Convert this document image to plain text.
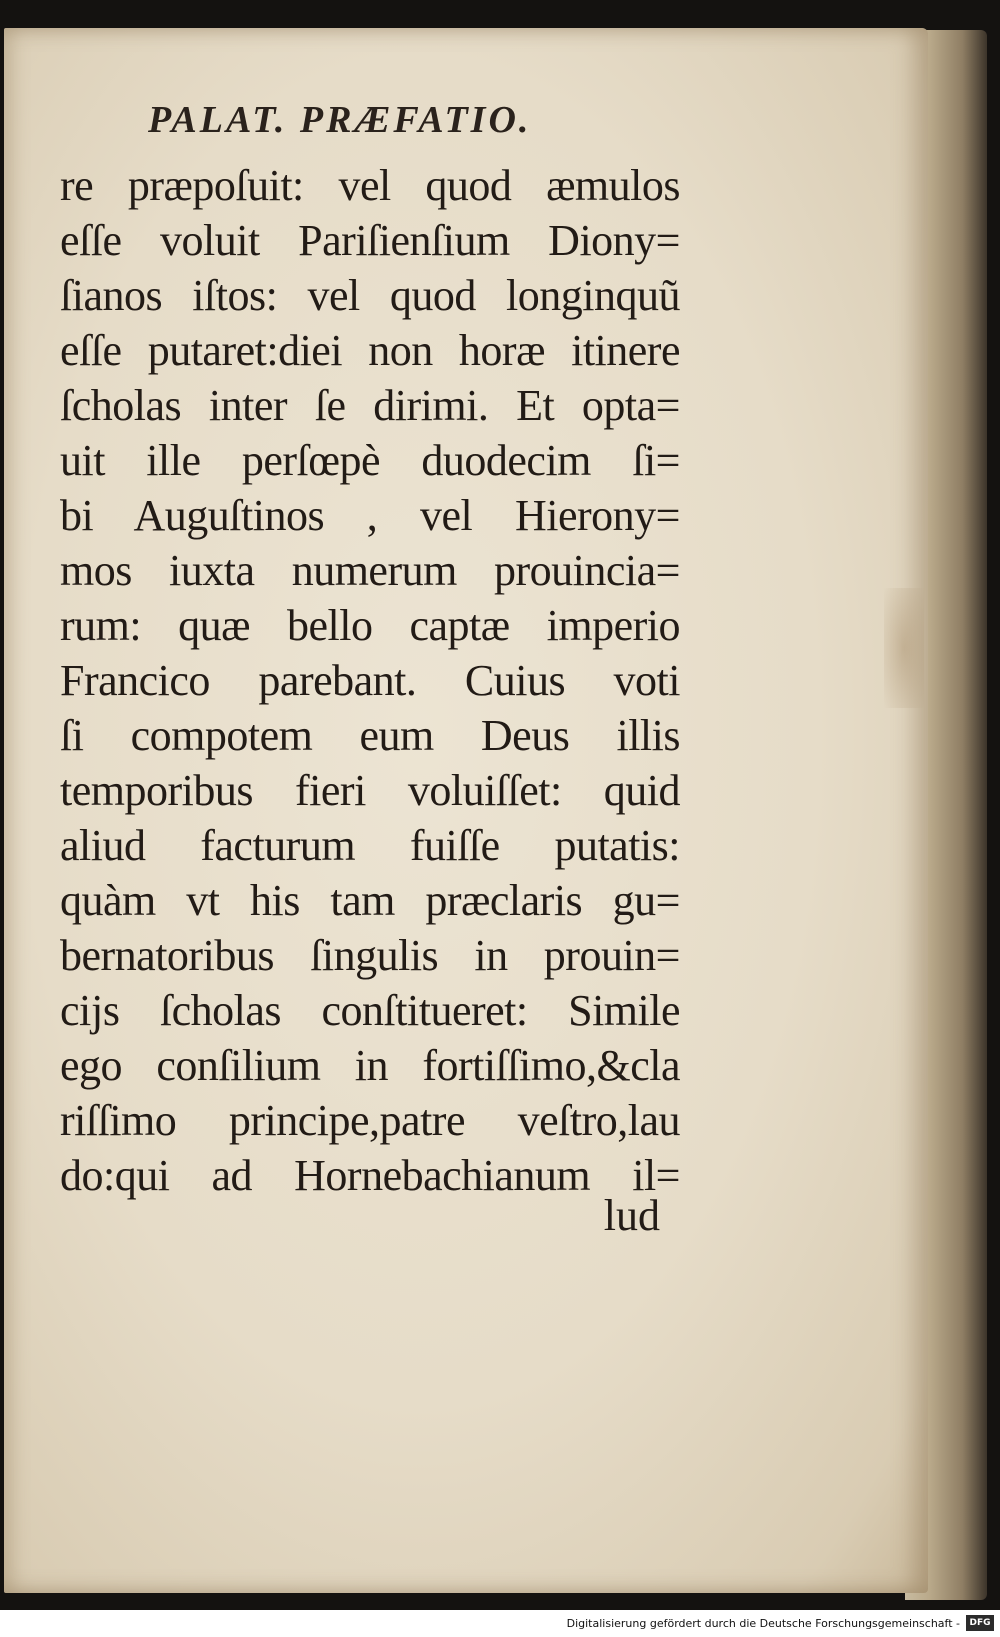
PALAT. PRÆFATIO.
re præpoſuit: vel quod æmulos
eſſe voluit Pariſienſium Diony=
ſianos iſtos: vel quod longinquũ
eſſe putaret:diei non horæ itinere
ſcholas inter ſe dirimi. Et opta=
uit ille perſœpè duodecim ſi=
bi Auguſtinos , vel Hierony=
mos iuxta numerum prouincia=
rum: quæ bello captæ imperio
Francico parebant. Cuius voti
ſi compotem eum Deus illis
temporibus fieri voluiſſet: quid
aliud facturum fuiſſe putatis:
quàm vt his tam præclaris gu=
bernatoribus ſingulis in prouin=
cĳs ſcholas conſtitueret: Simile
ego conſilium in fortiſſimo,&cla
riſſimo principe,patre veſtro,lau
do:qui ad Hornebachianum il=
lud
Digitalisierung gefördert durch die Deutsche Forschungsgemeinschaft -	DFG
